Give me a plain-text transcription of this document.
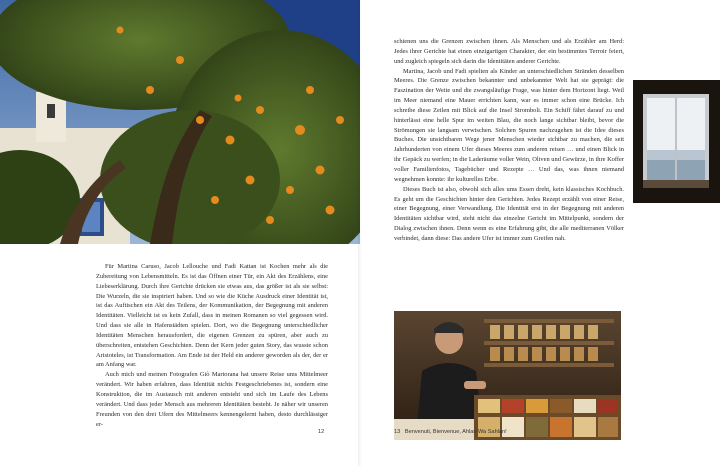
Für Martina Caruso, Jacob Lellouche und Fadi Kattan ist Kochen mehr als die Zubereitung von Lebensmitteln. Es ist das Öffnen einer Tür, ein Akt des Erzählens, eine Liebeserklärung. Durch ihre Gerichte drücken sie etwas aus, das größer ist als sie selbst: Die Wurzeln, die sie inspiriert haben. Und so wie die Küche Ausdruck einer Identität ist, ist das Auftischen ein Akt des Teilens, der Kommunikation, der Begegnung mit anderen Identitäten. Vielleicht ist es kein Zufall, dass in meinen Romanen so viel gegessen wird. Und dass sie alle in Hafenstädten spielen. Dort, wo die Begegnung unterschiedlicher Identitäten Menschen herausfordert, die eigenen Grenzen zu spüren, aber auch zu überschreiten, entstehen Geschichten. Denn der Kern jeder guten Story, das wusste schon Aristoteles, ist Transformation. Am Ende ist der Held ein anderer geworden als der, der er am Anfang war.

Auch mich und meinen Fotografen Giò Martorana hat unsere Reise ums Mittelmeer verändert. Wir haben erfahren, dass Identität nichts Festgeschriebenes ist, sondern eine Konstruktion, die im Austausch mit anderen entsteht und sich im Laufe des Lebens verändert. Und dass jeder Mensch aus mehreren Identitäten besteht. Je näher wir unseren Freunden von den drei Ufern des Mittelmeers kennengelernt haben, desto durchlässiger er-

12

schienen uns die Grenzen zwischen ihnen. Als Menschen und als Erzähler am Herd: Jedes ihrer Gerichte hat einen einzigartigen Charakter, der ein bestimmtes Terroir feiert, und zugleich spiegeln sich darin die Identitäten anderer Gerichte.

Martina, Jacob und Fadi spielten als Kinder an unterschiedlichen Stränden desselben Meeres. Die Grenze zwischen bekannter und unbekannter Welt hat sie geprägt: die Faszination der Weite und die zwangsläufige Frage, was hinter dem Horizont liegt. Weil im Meer niemand eine Mauer errichten kann, war es immer schon eine Brücke. Ich schreibe diese Zeilen mit Blick auf die Insel Stromboli. Ein Schiff fährt darauf zu und hinterlässt eine helle Spur im weiten Blau, die noch lange sichtbar bleibt, bevor die Strömungen sie langsam verwischen. Solchen Spuren nachzugehen ist die Idee dieses Buches. Die unsichtbaren Wege jener Menschen wieder sichtbar zu machen, die seit Jahrhunderten von einem Ufer dieses Meeres zum anderen reisen … und einen Blick in ihr Gepäck zu werfen; in die Laderäume voller Wein, Oliven und Gewürze, in ihre Koffer voller Familienfotos, Tagebücher und Rezepte … Und das, was ihnen niemand wegnehmen konnte: ihr kulturelles Erbe.

Dieses Buch ist also, obwohl sich alles ums Essen dreht, kein klassisches Kochbuch. Es geht um die Geschichten hinter den Gerichten. Jedes Rezept erzählt von einer Reise, einer Begegnung, einer Verwandlung. Die Identität erst in der Begegnung mit anderen Identitäten sichtbar wird, steht nicht das einzelne Gericht im Mittelpunkt, sondern der Dialog zwischen ihnen. Denn wenn es eine Erfahrung gibt, die alle mediterranen Völker verbindet, dann diese: Das andere Ufer ist immer zum Greifen nah.

13 Benvenuti, Bienvenue, Ahlan Wa Sahlan!
